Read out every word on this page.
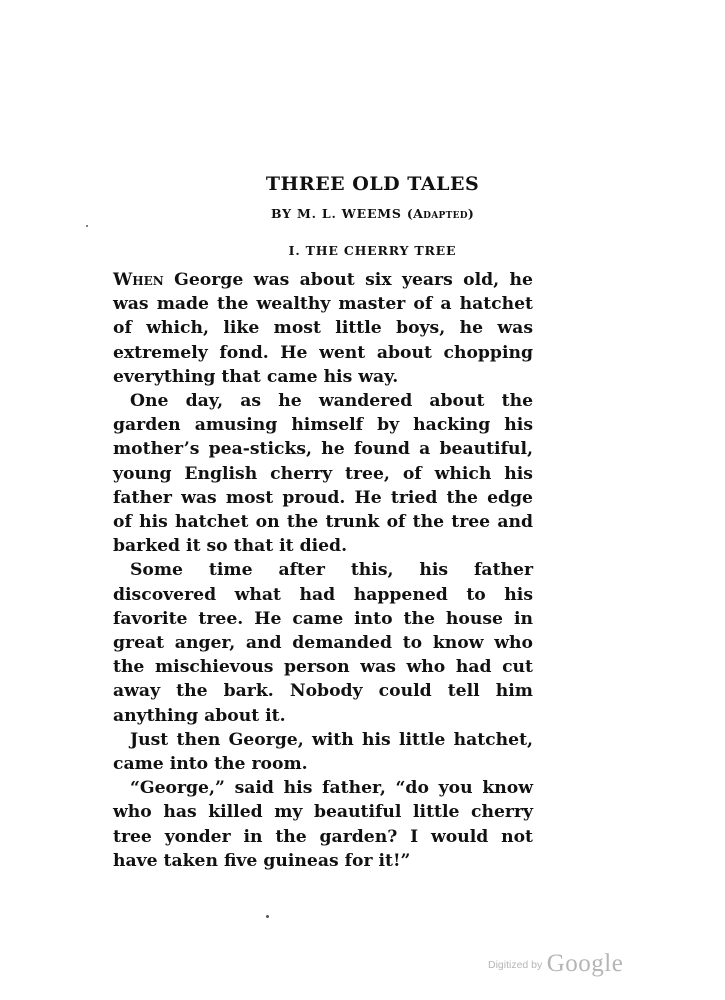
THREE OLD TALES
BY M. L. WEEMS (Adapted)
I. THE CHERRY TREE

When George was about six years old, he was made the wealthy master of a hatchet of which, like most little boys, he was extremely fond. He went about chopping everything that came his way.

One day, as he wandered about the garden amusing himself by hacking his mother’s pea-sticks, he found a beautiful, young English cherry tree, of which his father was most proud. He tried the edge of his hatchet on the trunk of the tree and barked it so that it died.

Some time after this, his father discovered what had happened to his favorite tree. He came into the house in great anger, and demanded to know who the mischievous person was who had cut away the bark. Nobody could tell him anything about it.

Just then George, with his little hatchet, came into the room.

“George,” said his father, “do you know who has killed my beautiful little cherry tree yonder in the garden? I would not have taken five guineas for it!”

Digitized by Google
